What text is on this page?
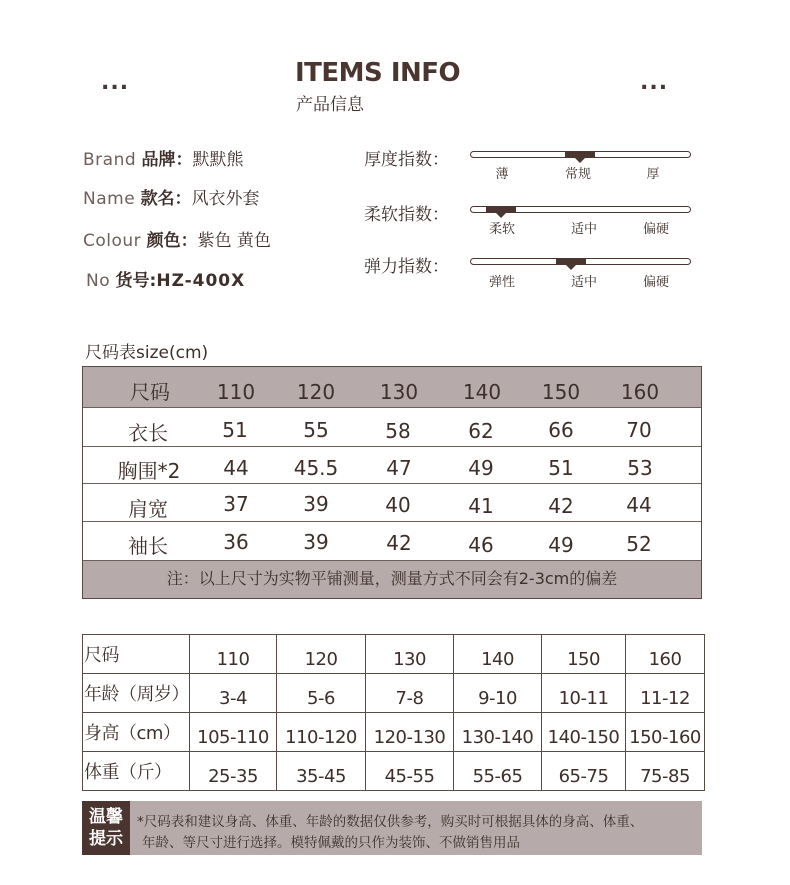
...	...
ITEMS INFO
产品信息
Brand 品牌：默默熊
Name 款名：风衣外套
Colour 颜色：紫色 黄色
No 货号:HZ-400X
厚度指数：
薄	常规	厚
柔软指数：
柔软	适中	偏硬
弹力指数：
弹性	适中	偏硬
尺码表size(cm)
尺码 110 120 130 140 150 160
衣长	51	55	58	62	66	70
胸围*2 44 45.5 47	49	51	53
肩宽	37	39	40	41	42	44
袖长	36	39	42	46	49	52
注：以上尺寸为实物平铺测量，测量方式不同会有2-3cm的偏差
尺码	110	120	130	140	150	160
年龄（周岁）	3-4	5-6	7-8	9-10	10-11	11-12
身高（cm）	105-110	110-120	120-130	130-140	140-150	150-160
体重（斤）	25-35	35-45	45-55	55-65	65-75	75-85
温馨提示
*尺码表和建议身高、体重、年龄的数据仅供参考，购买时可根据具体的身高、体重、
年龄、等尺寸进行选择。模特佩戴的只作为装饰、不做销售用品
